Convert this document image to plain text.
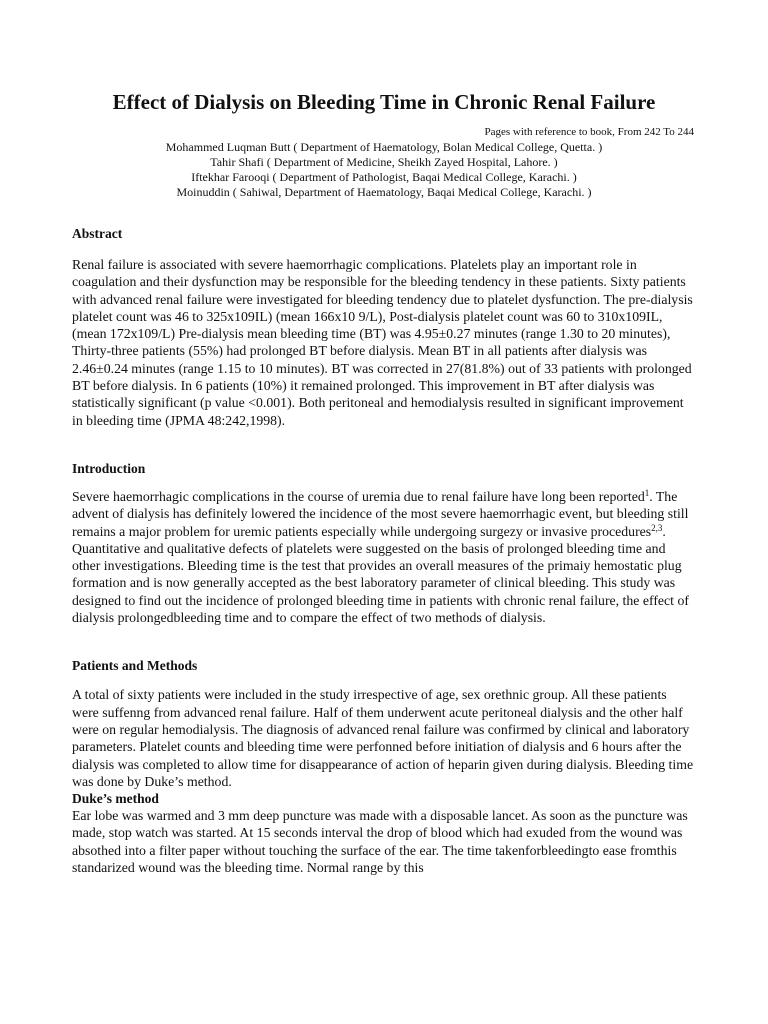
Effect of Dialysis on Bleeding Time in Chronic Renal Failure
Pages with reference to book, From 242 To 244
Mohammed Luqman Butt ( Department of Haematology, Bolan Medical College, Quetta. )
Tahir Shafi ( Department of Medicine, Sheikh Zayed Hospital, Lahore. )
Iftekhar Farooqi ( Department of Pathologist, Baqai Medical College, Karachi. )
Moinuddin ( Sahiwal, Department of Haematology, Baqai Medical College, Karachi. )
Abstract

Renal failure is associated with severe haemorrhagic complications. Platelets play an important role in coagulation and their dysfunction may be responsible for the bleeding tendency in these patients. Sixty patients with advanced renal failure were investigated for bleeding tendency due to platelet dysfunction. The pre-dialysis platelet count was 46 to 325x109IL) (mean 166x10 9/L), Post-dialysis platelet count was 60 to 310x109IL, (mean 172x109/L) Pre-dialysis mean bleeding time (BT) was 4.95±0.27 minutes (range 1.30 to 20 minutes), Thirty-three patients (55%) had prolonged BT before dialysis. Mean BT in all patients after dialysis was 2.46±0.24 minutes (range 1.15 to 10 minutes). BT was corrected in 27(81.8%) out of 33 patients with prolonged BT before dialysis. In 6 patients (10%) it remained prolonged. This improvement in BT after dialysis was statistically significant (p value <0.001). Both peritoneal and hemodialysis resulted in significant improvement in bleeding time (JPMA 48:242,1998).

Introduction

Severe haemorrhagic complications in the course of uremia due to renal failure have long been reported$^1$. The advent of dialysis has definitely lowered the incidence of the most severe haemorrhagic event, but bleeding still remains a major problem for uremic patients especially while undergoing surgezy or invasive procedures$^{2,3}$.

Quantitative and qualitative defects of platelets were suggested on the basis of prolonged bleeding time and other investigations. Bleeding time is the test that provides an overall measures of the primaiy hemostatic plug formation and is now generally accepted as the best laboratory parameter of clinical bleeding. This study was designed to find out the incidence of prolonged bleeding time in patients with chronic renal failure, the effect of dialysis prolongedbleeding time and to compare the effect of two methods of dialysis.

Patients and Methods

A total of sixty patients were included in the study irrespective of age, sex orethnic group. All these patients were suffenng from advanced renal failure. Half of them underwent acute peritoneal dialysis and the other half were on regular hemodialysis. The diagnosis of advanced renal failure was confirmed by clinical and laboratory parameters. Platelet counts and bleeding time were perfonned before initiation of dialysis and 6 hours after the dialysis was completed to allow time for disappearance of action of heparin given during dialysis. Bleeding time was done by Duke’s method.

Duke’s method

Ear lobe was warmed and 3 mm deep puncture was made with a disposable lancet. As soon as the puncture was made, stop watch was started. At 15 seconds interval the drop of blood which had exuded from the wound was absothed into a filter paper without touching the surface of the ear. The time takenforbleedingto ease fromthis standarized wound was the bleeding time. Normal range by this
